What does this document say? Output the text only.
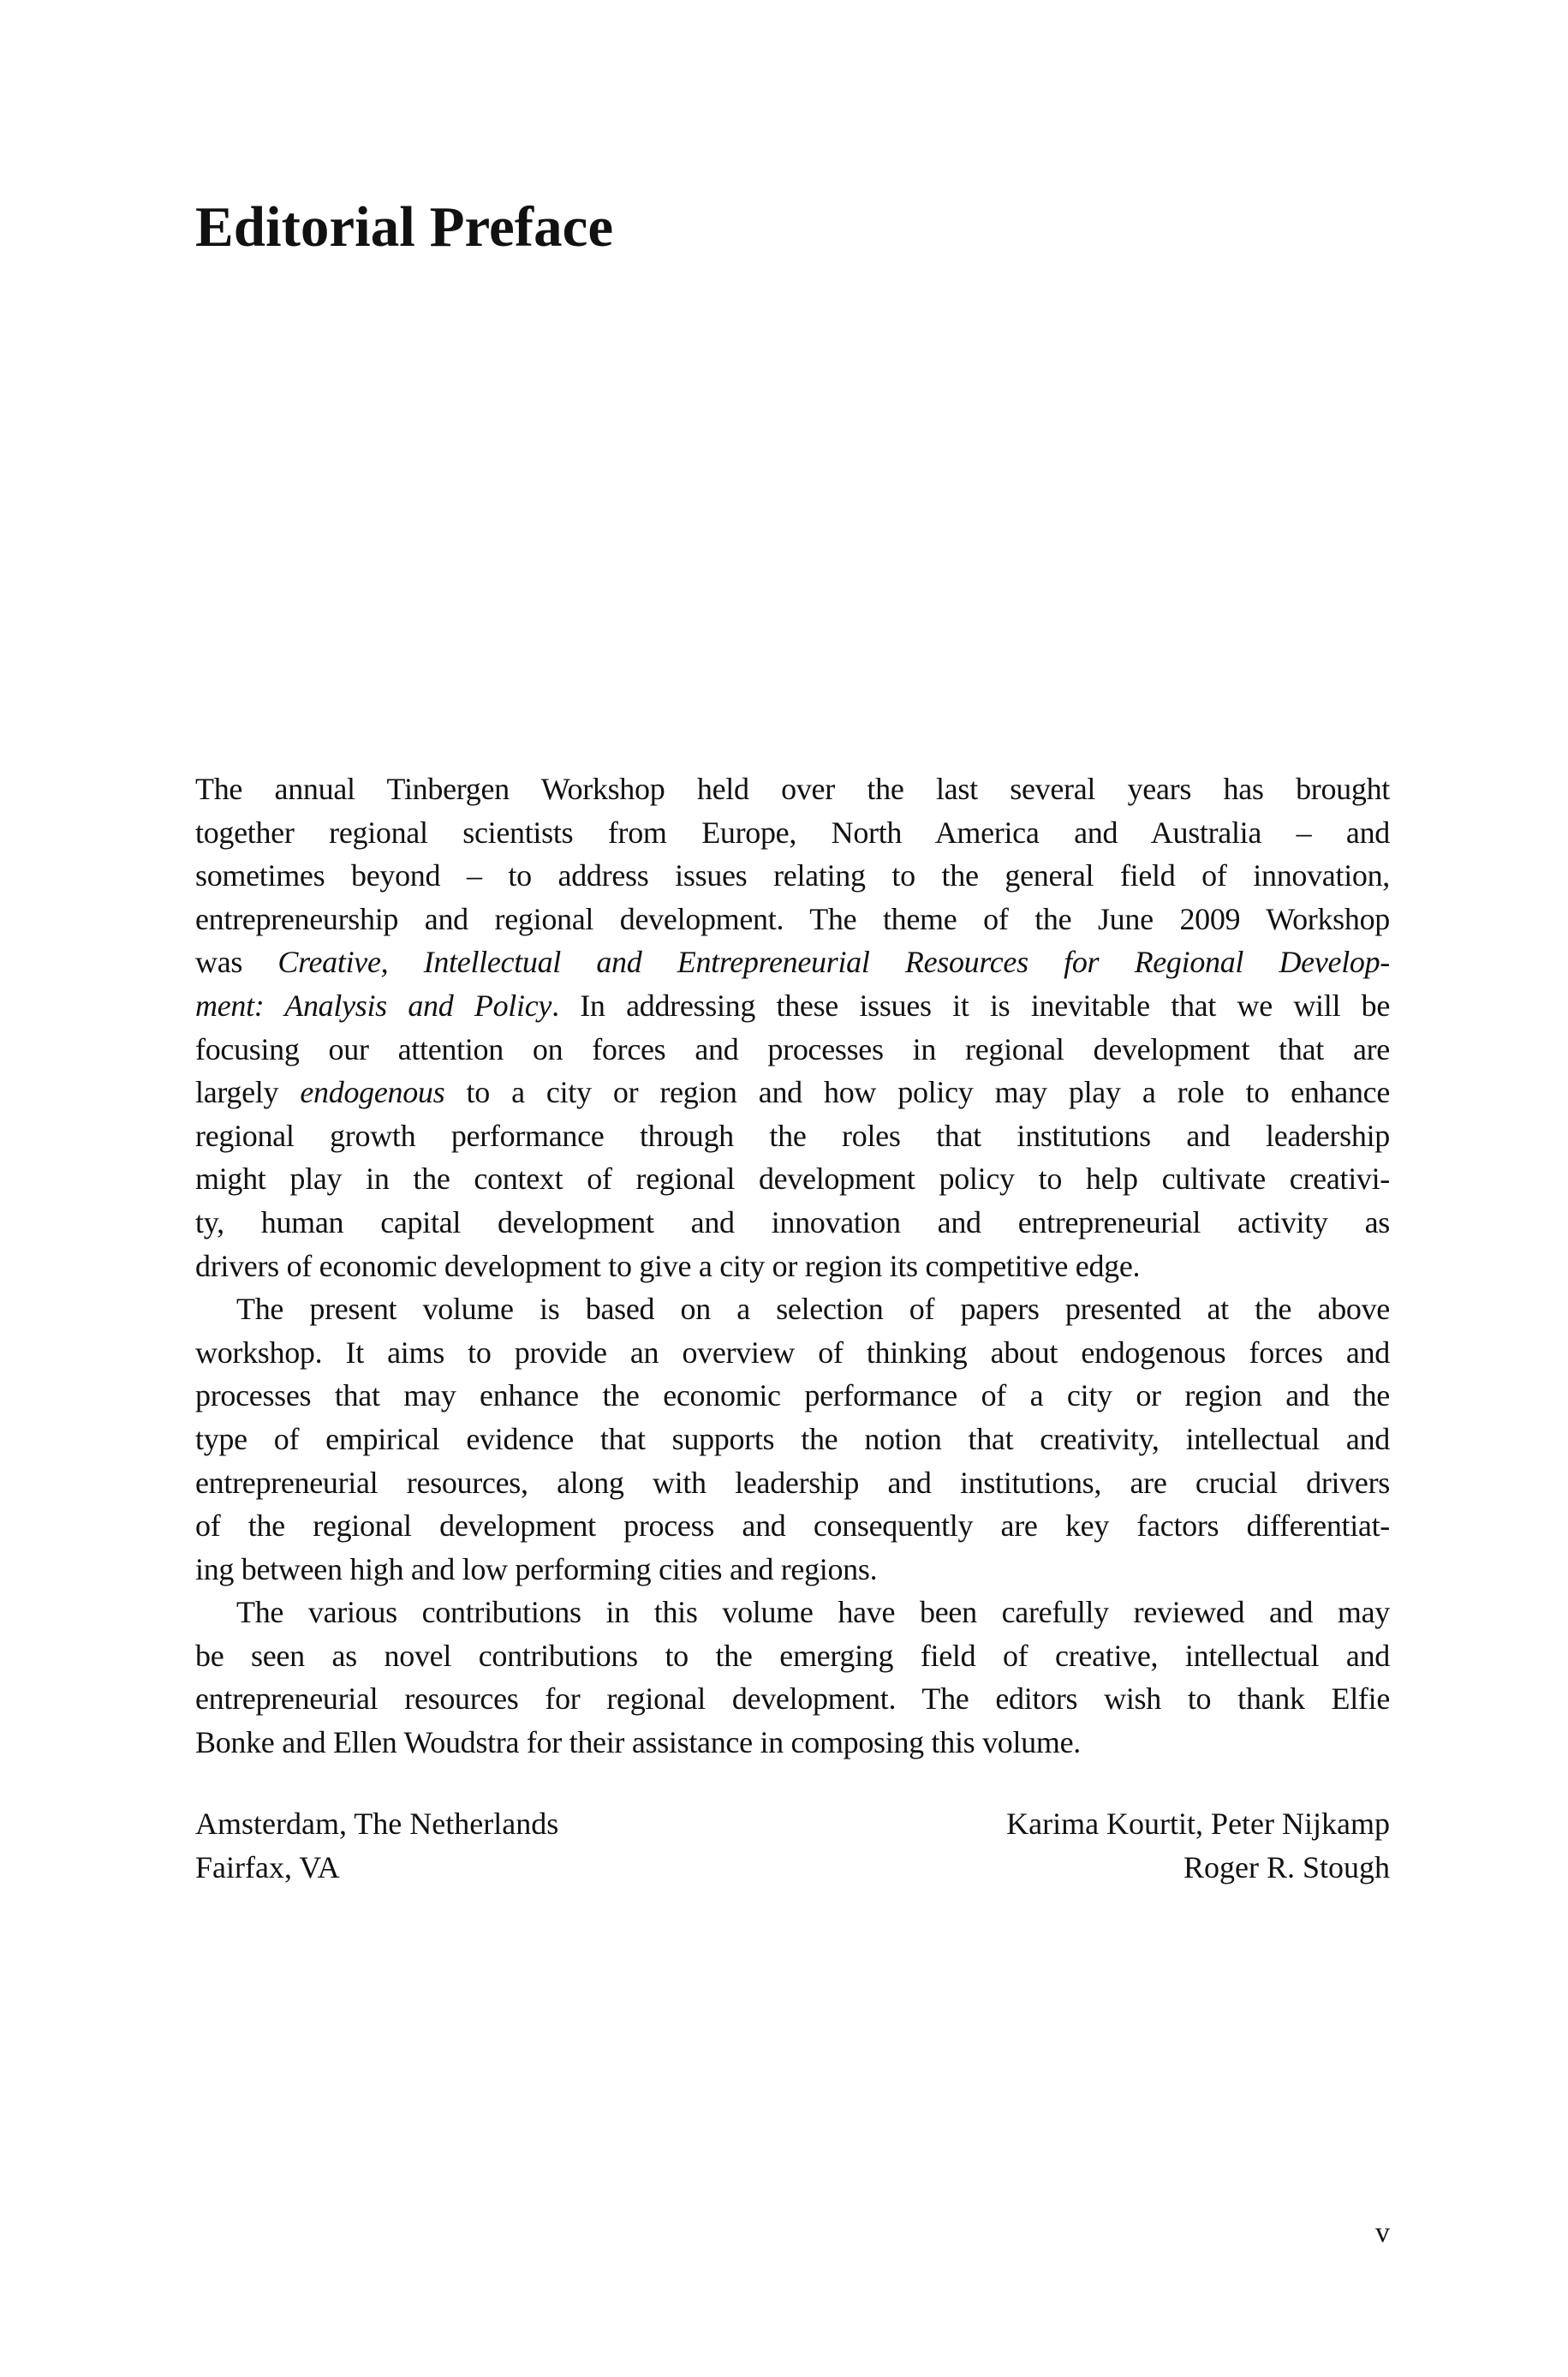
Editorial Preface
The annual Tinbergen Workshop held over the last several years has brought
together regional scientists from Europe, North America and Australia – and
sometimes beyond – to address issues relating to the general field of innovation,
entrepreneurship and regional development. The theme of the June 2009 Workshop
was Creative, Intellectual and Entrepreneurial Resources for Regional Develop-
ment: Analysis and Policy. In addressing these issues it is inevitable that we will be
focusing our attention on forces and processes in regional development that are
largely endogenous to a city or region and how policy may play a role to enhance
regional growth performance through the roles that institutions and leadership
might play in the context of regional development policy to help cultivate creativi-
ty, human capital development and innovation and entrepreneurial activity as
drivers of economic development to give a city or region its competitive edge.
The present volume is based on a selection of papers presented at the above
workshop. It aims to provide an overview of thinking about endogenous forces and
processes that may enhance the economic performance of a city or region and the
type of empirical evidence that supports the notion that creativity, intellectual and
entrepreneurial resources, along with leadership and institutions, are crucial drivers
of the regional development process and consequently are key factors differentiat-
ing between high and low performing cities and regions.
The various contributions in this volume have been carefully reviewed and may
be seen as novel contributions to the emerging field of creative, intellectual and
entrepreneurial resources for regional development. The editors wish to thank Elfie
Bonke and Ellen Woudstra for their assistance in composing this volume.
Amsterdam, The Netherlands	Karima Kourtit, Peter Nijkamp
Fairfax, VA	Roger R. Stough
v
